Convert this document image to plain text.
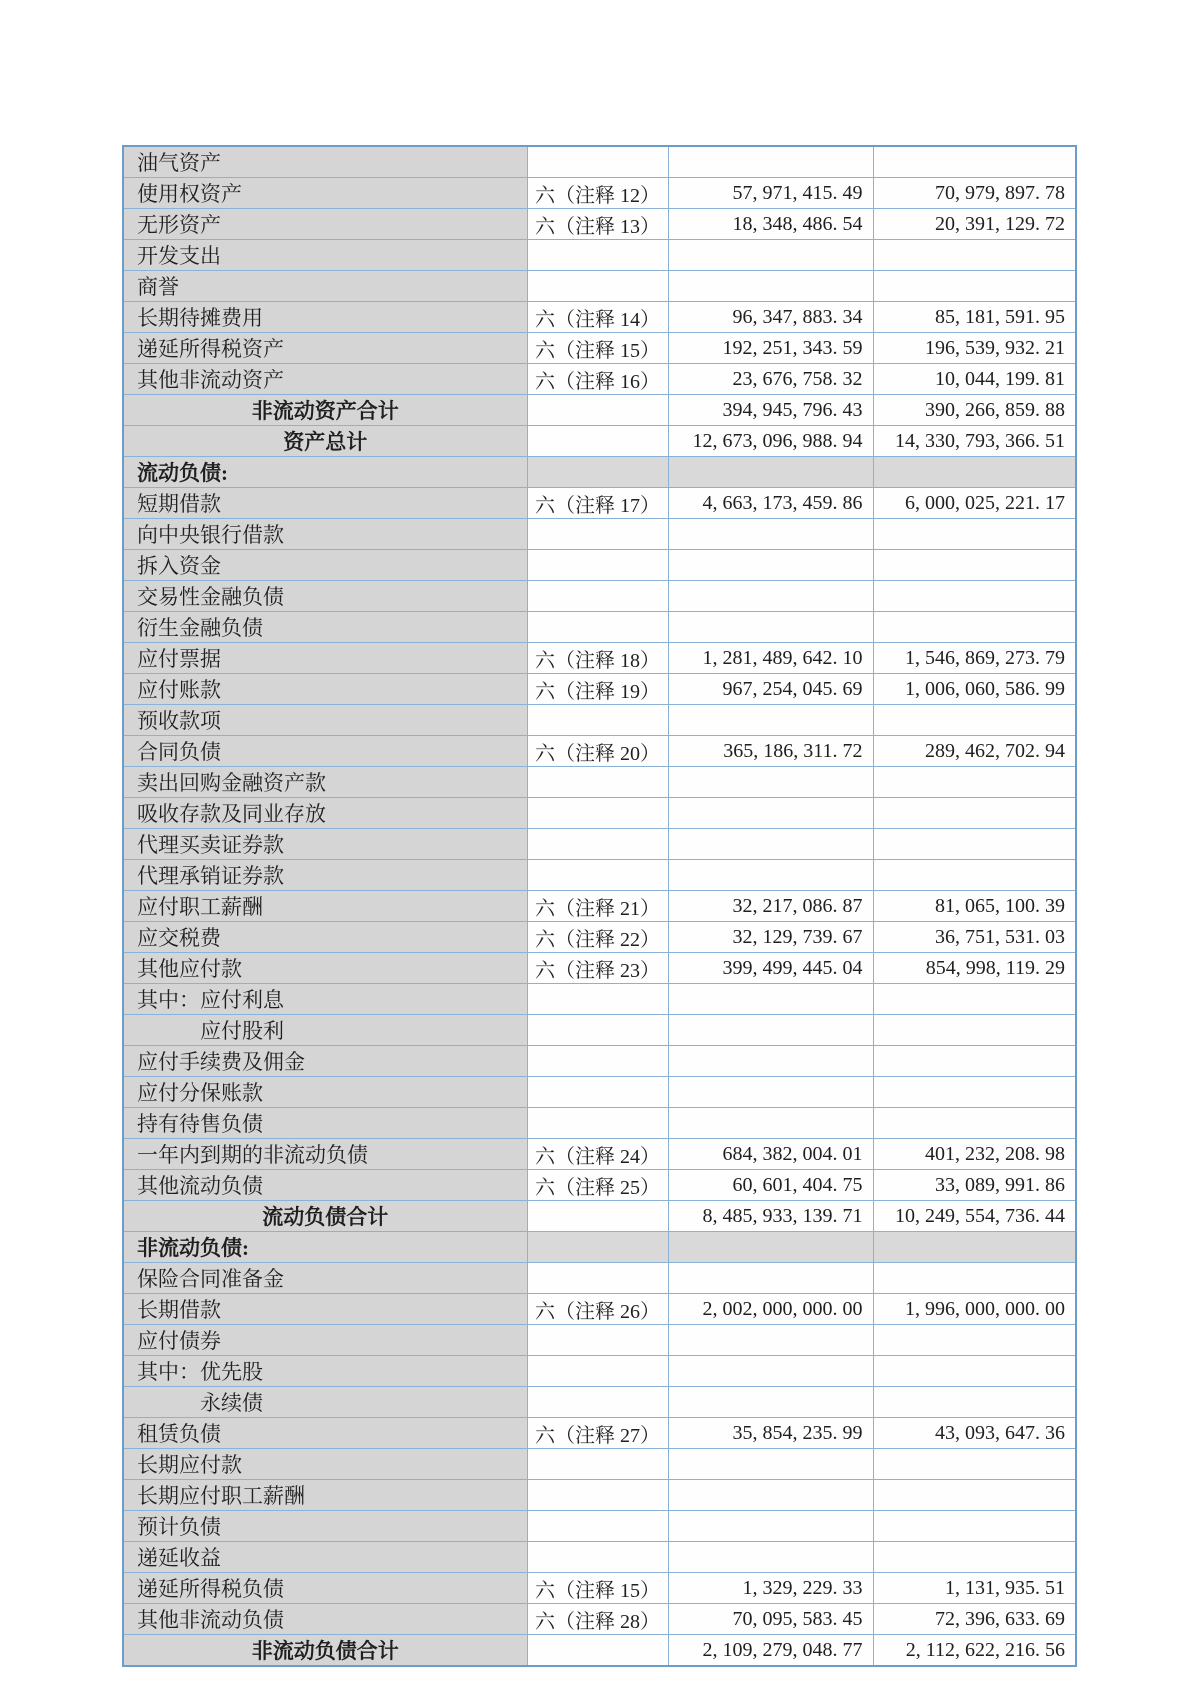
油气资产			
使用权资产	六（注释 12）	57, 971, 415. 49	70, 979, 897. 78
无形资产	六（注释 13）	18, 348, 486. 54	20, 391, 129. 72
开发支出			
商誉			
长期待摊费用	六（注释 14）	96, 347, 883. 34	85, 181, 591. 95
递延所得税资产	六（注释 15）	192, 251, 343. 59	196, 539, 932. 21
其他非流动资产	六（注释 16）	23, 676, 758. 32	10, 044, 199. 81
非流动资产合计		394, 945, 796. 43	390, 266, 859. 88
资产总计		12, 673, 096, 988. 94	14, 330, 793, 366. 51
流动负债:			
短期借款	六（注释 17）	4, 663, 173, 459. 86	6, 000, 025, 221. 17
向中央银行借款			
拆入资金			
交易性金融负债			
衍生金融负债			
应付票据	六（注释 18）	1, 281, 489, 642. 10	1, 546, 869, 273. 79
应付账款	六（注释 19）	967, 254, 045. 69	1, 006, 060, 586. 99
预收款项			
合同负债	六（注释 20）	365, 186, 311. 72	289, 462, 702. 94
卖出回购金融资产款			
吸收存款及同业存放			
代理买卖证券款			
代理承销证券款			
应付职工薪酬	六（注释 21）	32, 217, 086. 87	81, 065, 100. 39
应交税费	六（注释 22）	32, 129, 739. 67	36, 751, 531. 03
其他应付款	六（注释 23）	399, 499, 445. 04	854, 998, 119. 29
其中：应付利息			
应付股利			
应付手续费及佣金			
应付分保账款			
持有待售负债			
一年内到期的非流动负债	六（注释 24）	684, 382, 004. 01	401, 232, 208. 98
其他流动负债	六（注释 25）	60, 601, 404. 75	33, 089, 991. 86
流动负债合计		8, 485, 933, 139. 71	10, 249, 554, 736. 44
非流动负债:			
保险合同准备金			
长期借款	六（注释 26）	2, 002, 000, 000. 00	1, 996, 000, 000. 00
应付债券			
其中：优先股			
永续债			
租赁负债	六（注释 27）	35, 854, 235. 99	43, 093, 647. 36
长期应付款			
长期应付职工薪酬			
预计负债			
递延收益			
递延所得税负债	六（注释 15）	1, 329, 229. 33	1, 131, 935. 51
其他非流动负债	六（注释 28）	70, 095, 583. 45	72, 396, 633. 69
非流动负债合计		2, 109, 279, 048. 77	2, 112, 622, 216. 56
